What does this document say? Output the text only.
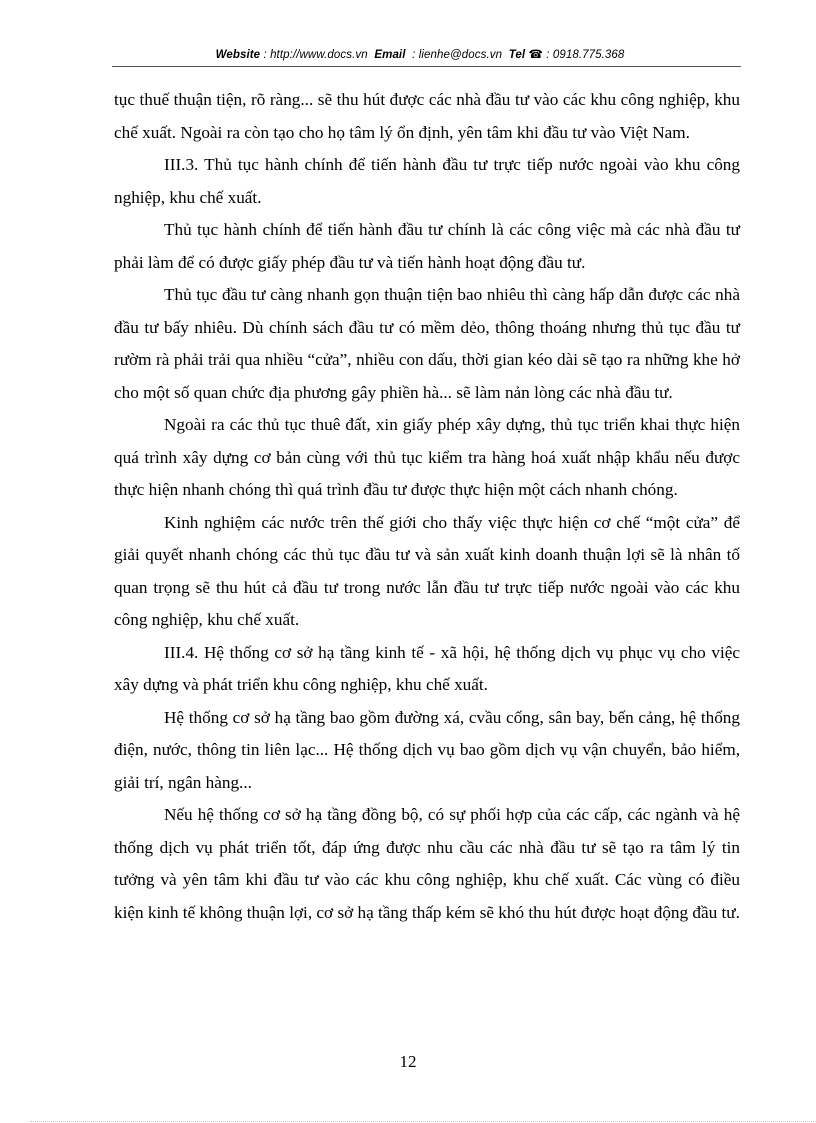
Website : http://www.docs.vn Email : lienhe@docs.vn Tel ☎ : 0918.775.368

tục thuế thuận tiện, rõ ràng... sẽ thu hút được các nhà đầu tư vào các khu công nghiệp, khu chế xuất. Ngoài ra còn tạo cho họ tâm lý ổn định, yên tâm khi đầu tư vào Việt Nam.

III.3. Thủ tục hành chính để tiến hành đầu tư trực tiếp nước ngoài vào khu công nghiệp, khu chế xuất.

Thủ tục hành chính để tiến hành đầu tư chính là các công việc mà các nhà đầu tư phải làm để có được giấy phép đầu tư và tiến hành hoạt động đầu tư.

Thủ tục đầu tư càng nhanh gọn thuận tiện bao nhiêu thì càng hấp dẫn được các nhà đầu tư bấy nhiêu. Dù chính sách đầu tư có mềm dẻo, thông thoáng nhưng thủ tục đầu tư rườm rà phải trải qua nhiều “cửa”, nhiều con dấu, thời gian kéo dài sẽ tạo ra những khe hở cho một số quan chức địa phương gây phiền hà... sẽ làm nản lòng các nhà đầu tư.

Ngoài ra các thủ tục thuê đất, xin giấy phép xây dựng, thủ tục triển khai thực hiện quá trình xây dựng cơ bản cùng với thủ tục kiểm tra hàng hoá xuất nhập khẩu nếu được thực hiện nhanh chóng thì quá trình đầu tư được thực hiện một cách nhanh chóng.

Kinh nghiệm các nước trên thế giới cho thấy việc thực hiện cơ chế “một cửa” để giải quyết nhanh chóng các thủ tục đầu tư và sản xuất kinh doanh thuận lợi sẽ là nhân tố quan trọng sẽ thu hút cả đầu tư trong nước lẫn đầu tư trực tiếp nước ngoài vào các khu công nghiệp, khu chế xuất.

III.4. Hệ thống cơ sở hạ tầng kinh tế - xã hội, hệ thống dịch vụ phục vụ cho việc xây dựng và phát triển khu công nghiệp, khu chế xuất.

Hệ thống cơ sở hạ tầng bao gồm đường xá, cvầu cống, sân bay, bến cảng, hệ thống điện, nước, thông tin liên lạc... Hệ thống dịch vụ bao gồm dịch vụ vận chuyển, bảo hiểm, giải trí, ngân hàng...

Nếu hệ thống cơ sở hạ tầng đồng bộ, có sự phối hợp của các cấp, các ngành và hệ thống dịch vụ phát triển tốt, đáp ứng được nhu cầu các nhà đầu tư sẽ tạo ra tâm lý tin tưởng và yên tâm khi đầu tư vào các khu công nghiệp, khu chế xuất. Các vùng có điều kiện kinh tế không thuận lợi, cơ sở hạ tầng thấp kém sẽ khó thu hút được hoạt động đầu tư.

12
